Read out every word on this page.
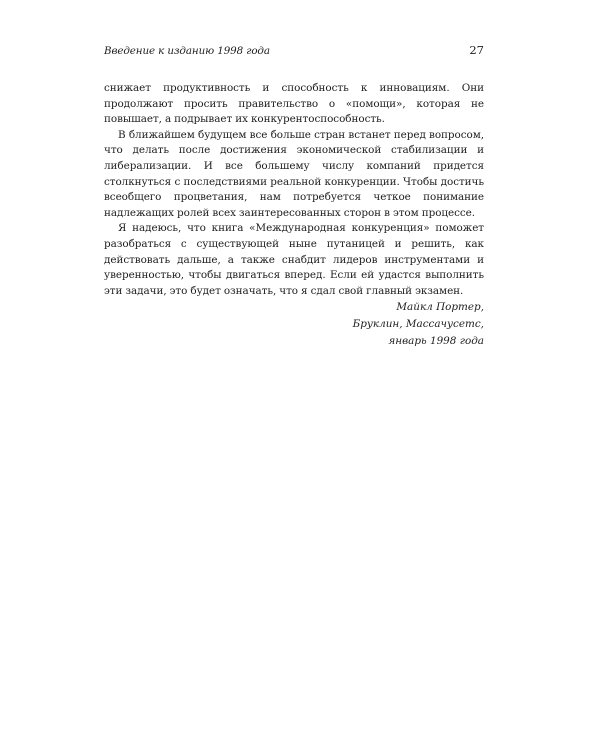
Введение к изданию 1998 года	27

снижает продуктивность и способность к инновациям. Они продолжают просить правительство о «помощи», которая не повышает, а подрывает их конкурентоспособность.

В ближайшем будущем все больше стран встанет перед вопросом, что делать после достижения экономической стабилизации и либерализации. И все большему числу компаний придется столкнуться с последствиями реальной конкуренции. Чтобы достичь всеобщего процветания, нам потребуется четкое понимание надлежащих ролей всех заинтересованных сторон в этом процессе.

Я надеюсь, что книга «Международная конкуренция» поможет разобраться с существующей ныне путаницей и решить, как действовать дальше, а также снабдит лидеров инструментами и уверенностью, чтобы двигаться вперед. Если ей удастся выполнить эти задачи, это будет означать, что я сдал свой главный экзамен.

Майкл Портер,
Бруклин, Массачусетс,
январь 1998 года
